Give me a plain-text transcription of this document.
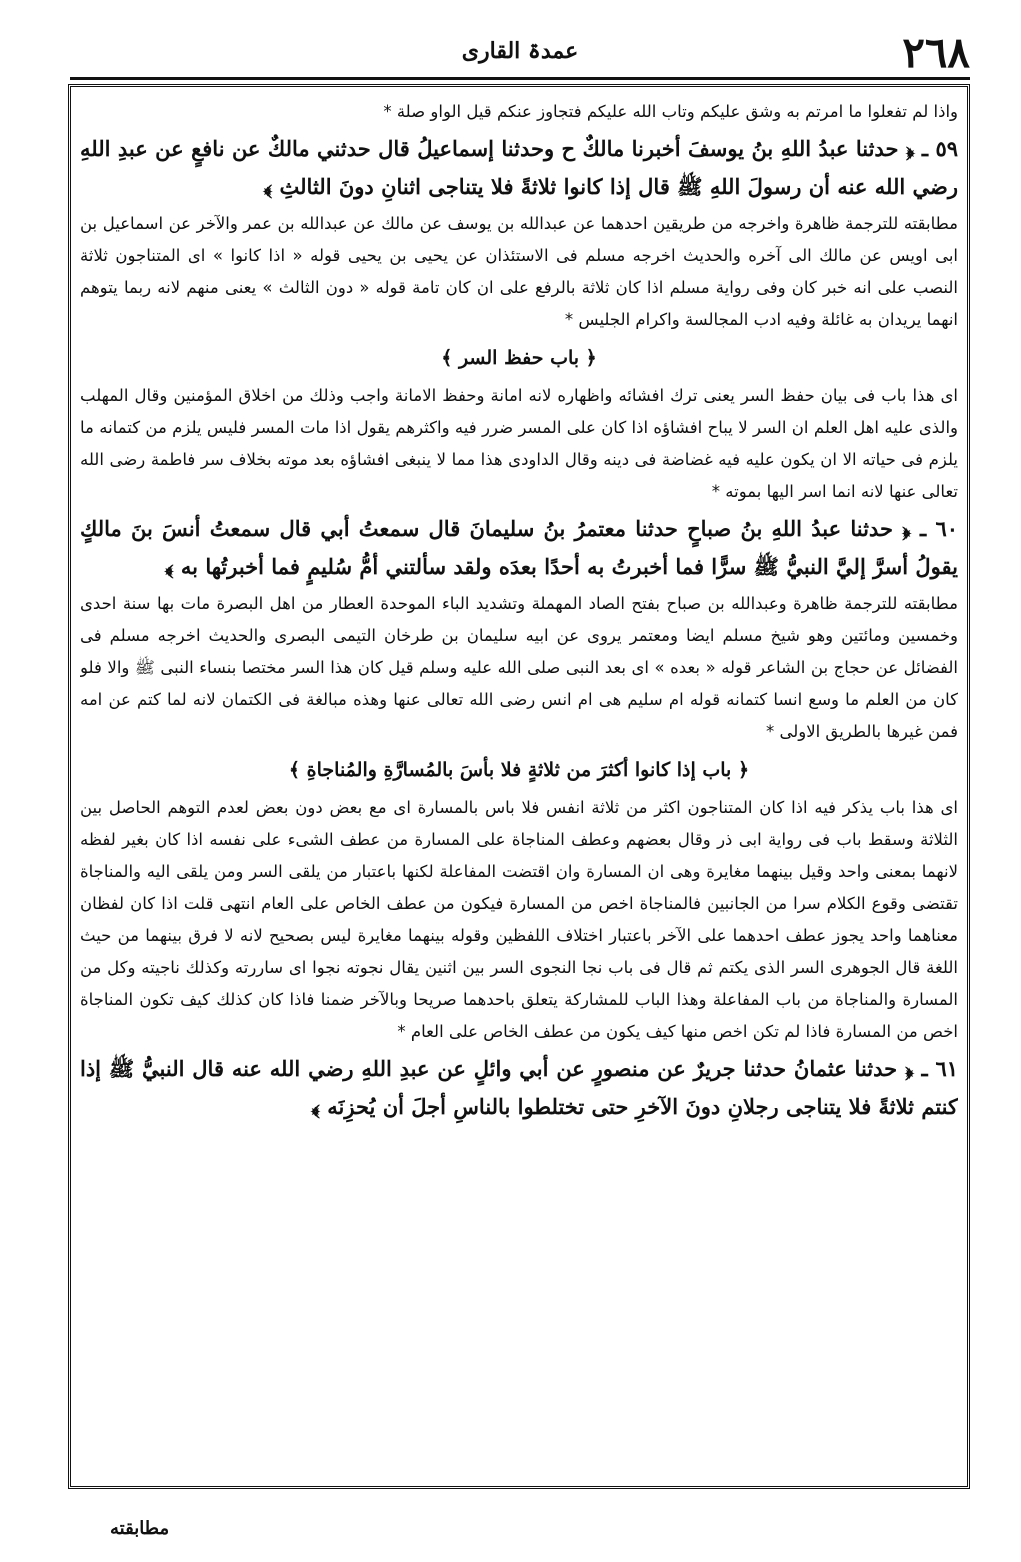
٢٦٨
عمدۃ القاری

واذا لم تفعلوا ما امرتم به وشق عليكم وتاب الله عليكم فتجاوز عنكم قيل الواو صلة *

٥٩ ـ ﴿ حدثنا عبدُ اللهِ بنُ يوسفَ أخبرنا مالكٌ ح وحدثنا إسماعيلُ قال حدثني مالكٌ عن نافعٍ عن عبدِ اللهِ رضي الله عنه أن رسولَ اللهِ ﷺ قال إذا كانوا ثلاثةً فلا يتناجى اثنانِ دونَ الثالثِ ﴾

مطابقته للترجمة ظاهرة واخرجه من طريقين احدهما عن عبدالله بن يوسف عن مالك عن عبدالله بن عمر والآخر عن اسماعيل بن ابى اويس عن مالك الى آخره والحديث اخرجه مسلم فى الاستئذان عن يحيى بن يحيى قوله « اذا كانوا » اى المتناجون ثلاثة النصب على انه خبر كان وفى رواية مسلم اذا كان ثلاثة بالرفع على ان كان تامة قوله « دون الثالث » يعنى منهم لانه ربما يتوهم انهما يريدان به غائلة وفيه ادب المجالسة واكرام الجليس *

﴿ باب حفظ السر ﴾

اى هذا باب فى بيان حفظ السر يعنى ترك افشائه واظهاره لانه امانة وحفظ الامانة واجب وذلك من اخلاق المؤمنين وقال المهلب والذى عليه اهل العلم ان السر لا يباح افشاؤه اذا كان على المسر ضرر فيه واكثرهم يقول اذا مات المسر فليس يلزم من كتمانه ما يلزم فى حياته الا ان يكون عليه فيه غضاضة فى دينه وقال الداودى هذا مما لا ينبغى افشاؤه بعد موته بخلاف سر فاطمة رضى الله تعالى عنها لانه انما اسر اليها بموته *

٦٠ ـ ﴿ حدثنا عبدُ اللهِ بنُ صباحٍ حدثنا معتمرُ بنُ سليمانَ قال سمعتُ أبي قال سمعتُ أنسَ بنَ مالكٍ يقولُ أسرَّ إليَّ النبيُّ ﷺ سرًّا فما أخبرتُ به أحدًا بعدَه ولقد سألتني أمُّ سُليمٍ فما أخبرتُها به ﴾

مطابقته للترجمة ظاهرة وعبدالله بن صباح بفتح الصاد المهملة وتشديد الباء الموحدة العطار من اهل البصرة مات بها سنة احدى وخمسين ومائتين وهو شيخ مسلم ايضا ومعتمر يروى عن ابيه سليمان بن طرخان التيمى البصرى والحديث اخرجه مسلم فى الفضائل عن حجاج بن الشاعر قوله « بعده » اى بعد النبى صلى الله عليه وسلم قيل كان هذا السر مختصا بنساء النبى ﷺ والا فلو كان من العلم ما وسع انسا كتمانه قوله ام سليم هى ام انس رضى الله تعالى عنها وهذه مبالغة فى الكتمان لانه لما كتم عن امه فمن غيرها بالطريق الاولى *

﴿ باب إذا كانوا أكثرَ من ثلاثةٍ فلا بأسَ بالمُسارَّةِ والمُناجاةِ ﴾

اى هذا باب يذكر فيه اذا كان المتناجون اكثر من ثلاثة انفس فلا باس بالمسارة اى مع بعض دون بعض لعدم التوهم الحاصل بين الثلاثة وسقط باب فى رواية ابى ذر وقال بعضهم وعطف المناجاة على المسارة من عطف الشىء على نفسه اذا كان بغير لفظه لانهما بمعنى واحد وقيل بينهما مغايرة وهى ان المسارة وان اقتضت المفاعلة لكنها باعتبار من يلقى السر ومن يلقى اليه والمناجاة تقتضى وقوع الكلام سرا من الجانبين فالمناجاة اخص من المسارة فيكون من عطف الخاص على العام انتهى قلت اذا كان لفظان معناهما واحد يجوز عطف احدهما على الآخر باعتبار اختلاف اللفظين وقوله بينهما مغايرة ليس بصحيح لانه لا فرق بينهما من حيث اللغة قال الجوهرى السر الذى يكتم ثم قال فى باب نجا النجوى السر بين اثنين يقال نجوته نجوا اى ساررته وكذلك ناجيته وكل من المسارة والمناجاة من باب المفاعلة وهذا الباب للمشاركة يتعلق باحدهما صريحا وبالآخر ضمنا فاذا كان كذلك كيف تكون المناجاة اخص من المسارة فاذا لم تكن اخص منها كيف يكون من عطف الخاص على العام *

٦١ ـ ﴿ حدثنا عثمانُ حدثنا جريرٌ عن منصورٍ عن أبي وائلٍ عن عبدِ اللهِ رضي الله عنه قال النبيُّ ﷺ إذا كنتم ثلاثةً فلا يتناجى رجلانِ دونَ الآخرِ حتى تختلطوا بالناسِ أجلَ أن يُحزِنَه ﴾

مطابقته
